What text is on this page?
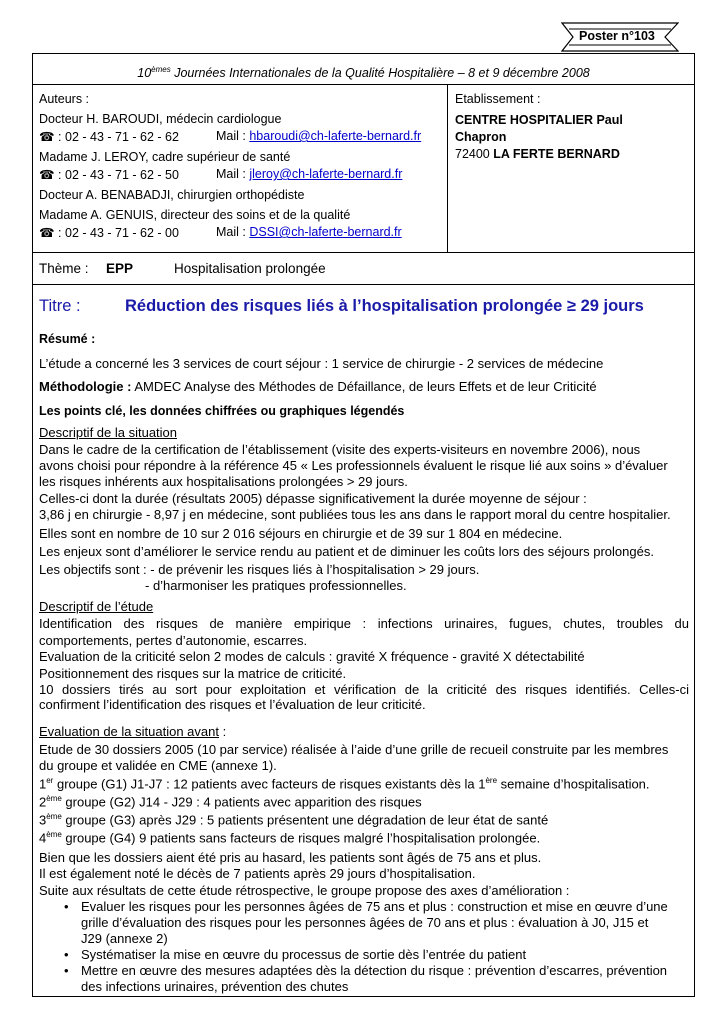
Poster n°103
10èmes Journées Internationales de la Qualité Hospitalière – 8 et 9 décembre 2008
Auteurs :
Docteur H. BAROUDI, médecin cardiologue
☎ : 02 - 43 - 71 - 62 - 62	Mail : hbaroudi@ch-laferte-bernard.fr
Madame J. LEROY, cadre supérieur de santé
☎ : 02 - 43 - 71 - 62 - 50	Mail : jleroy@ch-laferte-bernard.fr
Docteur A. BENABADJI, chirurgien orthopédiste
Madame A. GENUIS, directeur des soins et de la qualité
☎ : 02 - 43 - 71 - 62 - 00	Mail : DSSI@ch-laferte-bernard.fr
Etablissement :
CENTRE HOSPITALIER Paul
Chapron
72400 LA FERTE BERNARD
Thème : EPP	Hospitalisation prolongée
Titre :	Réduction des risques liés à l’hospitalisation prolongée ≥ 29 jours
Résumé :
L’étude a concerné les 3 services de court séjour : 1 service de chirurgie - 2 services de médecine
Méthodologie : AMDEC Analyse des Méthodes de Défaillance, de leurs Effets et de leur Criticité
Les points clé, les données chiffrées ou graphiques légendés
Descriptif de la situation
Dans le cadre de la certification de l’établissement (visite des experts-visiteurs en novembre 2006), nous
avons choisi pour répondre à la référence 45 « Les professionnels évaluent le risque lié aux soins » d’évaluer
les risques inhérents aux hospitalisations prolongées > 29 jours.
Celles-ci dont la durée (résultats 2005) dépasse significativement la durée moyenne de séjour :
3,86 j en chirurgie - 8,97 j en médecine, sont publiées tous les ans dans le rapport moral du centre hospitalier.
Elles sont en nombre de 10 sur 2 016 séjours en chirurgie et de 39 sur 1 804 en médecine.
Les enjeux sont d’améliorer le service rendu au patient et de diminuer les coûts lors des séjours prolongés.
Les objectifs sont : - de prévenir les risques liés à l’hospitalisation > 29 jours.
- d’harmoniser les pratiques professionnelles.
Descriptif de l’étude
Identification des risques de manière empirique : infections urinaires, fugues, chutes, troubles du
comportements, pertes d’autonomie, escarres.
Evaluation de la criticité selon 2 modes de calculs : gravité X fréquence - gravité X détectabilité
Positionnement des risques sur la matrice de criticité.
10 dossiers tirés au sort pour exploitation et vérification de la criticité des risques identifiés. Celles-ci
confirment l’identification des risques et l’évaluation de leur criticité.
Evaluation de la situation avant :
Etude de 30 dossiers 2005 (10 par service) réalisée à l’aide d’une grille de recueil construite par les membres
du groupe et validée en CME (annexe 1).
1er groupe (G1) J1-J7 : 12 patients avec facteurs de risques existants dès la 1ère semaine d’hospitalisation.
2ème groupe (G2) J14 - J29 : 4 patients avec apparition des risques
3ème groupe (G3) après J29 : 5 patients présentent une dégradation de leur état de santé
4ème groupe (G4) 9 patients sans facteurs de risques malgré l’hospitalisation prolongée.
Bien que les dossiers aient été pris au hasard, les patients sont âgés de 75 ans et plus.
Il est également noté le décès de 7 patients après 29 jours d’hospitalisation.
Suite aux résultats de cette étude rétrospective, le groupe propose des axes d’amélioration :
• Evaluer les risques pour les personnes âgées de 75 ans et plus : construction et mise en œuvre d’une
grille d’évaluation des risques pour les personnes âgées de 70 ans et plus : évaluation à J0, J15 et
J29 (annexe 2)
• Systématiser la mise en œuvre du processus de sortie dès l’entrée du patient
• Mettre en œuvre des mesures adaptées dès la détection du risque : prévention d’escarres, prévention
des infections urinaires, prévention des chutes
